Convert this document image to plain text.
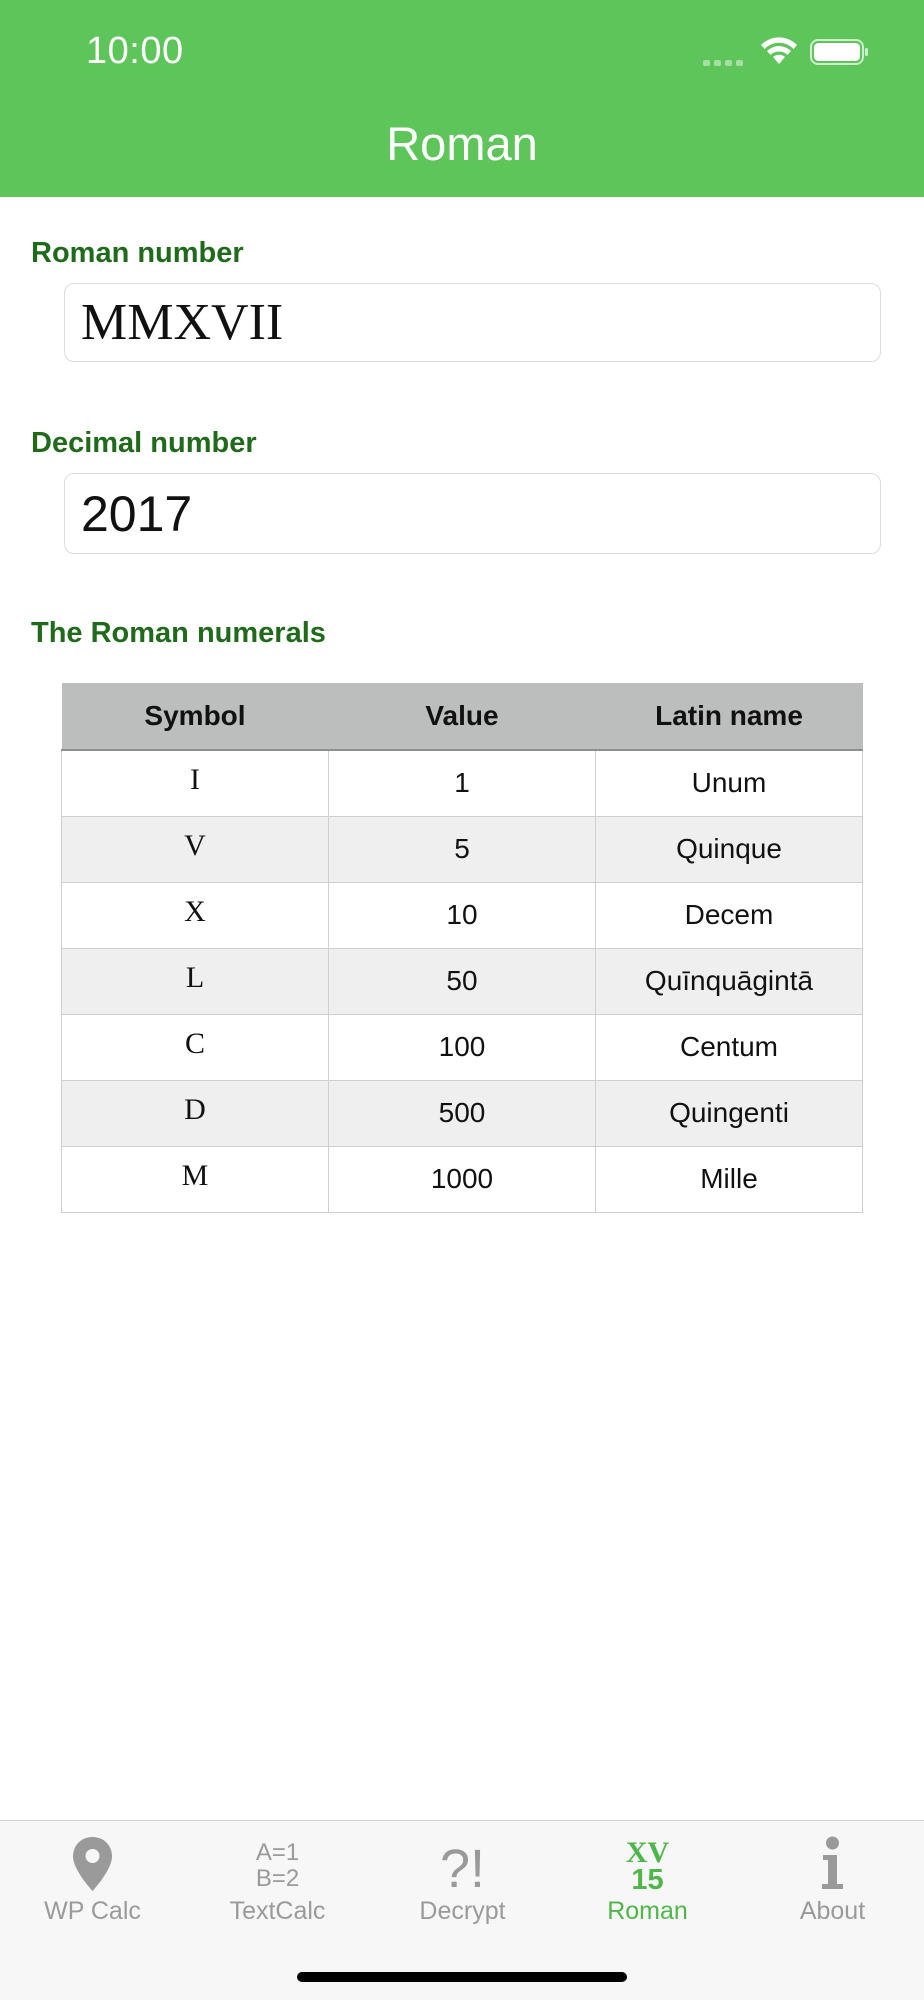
10:00
Roman
Roman number
MMXVII
Decimal number
2017
The Roman numerals
Symbol	Value	Latin name
I	1	Unum
V	5	Quinque
X	10	Decem
L	50	Quīnquāgintā
C	100	Centum
D	500	Quingenti
M	1000	Mille
WP Calc
A=1
B=2
TextCalc
?!
Decrypt
XV
15
Roman	About
